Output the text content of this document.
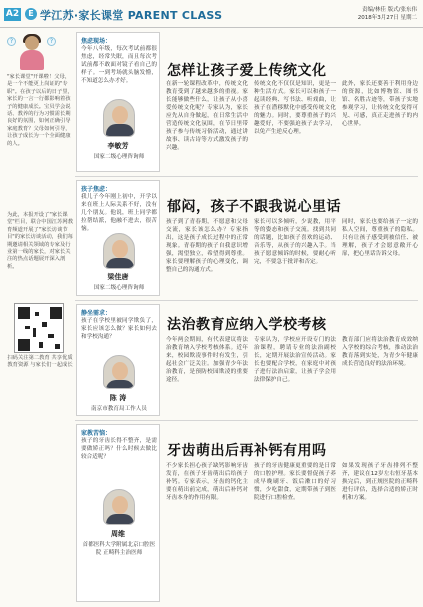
A2	E 学江苏·家长课堂 PARENT CLASS	责编/林佳 版式/张东伟
2018年3月27日 星期二
?	?
"家长课堂"开课啦！父母，是一个不能更上岗证的"专职"。在孩子以后的日子里，家长的一言一行都影响着孩子的健康成长。宝贝学会说话、教养的行为习惯需长期良好的氛围，如何正确引导家庭教育？父母如何引导，让孩子成长为一个全面健康的人。
为此，本报开设了"家长课堂"栏目，联合中国江苏网教育频道开展了"家长访谈节目"的家长访谈活动，我们每期邀请相关领域的专家及行业第一线的家长，对家长关注的热点话题展开深入剖析。
扫码关注第二教育 共享优质教育资源 与家长们一起成长
怎样让孩子爱上传统文化
焦虑现场：
今年八年级，每次考试前都很焦虑，经常失眠，而且每次考试前都不敢面对镜子看自己的样子。一到考场就头脑发懵，不知道怎么办才好。
李敏芳
国家二级心理咨询师
在新一轮课程改革中，传统文化教育受到了越来越多的重视。家长能够做些什么，让孩子从小喜爱传统文化呢？专家认为，家长应先从自身做起，在日常生活中营造传统文化氛围，在节日里带孩子参与传统习俗活动，通过讲故事、读古诗等方式激发孩子的兴趣。
传统文化不仅仅是知识，更是一种生活方式。家长可以和孩子一起读经典、写书法、听戏曲，让孩子在潜移默化中感受传统文化的魅力。同时，要尊重孩子的兴趣爱好，不要强迫孩子去学习，以免产生逆反心理。
此外，家长还要善于利用身边的资源，比如博物馆、图书馆、名胜古迹等，带孩子实地参观学习，让传统文化变得可见、可感，真正走进孩子的内心世界。
郁闷，孩子不跟我说心里话
孩子焦虑：
我儿子今年刚上初中，开学以来在班上人际关系不好，没有几个朋友。他说，班上同学都拉帮结派，他融不进去，很苦恼。
梁佳唐
国家二级心理咨询师
孩子到了青春期，不愿意和父母交流，家长该怎么办？专家指出，这是孩子成长过程中的正常现象。青春期的孩子自我意识增强，渴望独立，希望得到尊重。家长要理解孩子的心理变化，调整自己的沟通方式。
家长可以多倾听，少说教，用平等的姿态和孩子交流。找到共同的话题，比如孩子喜欢的运动、音乐等，从孩子的兴趣入手。当孩子愿意倾诉的时候，要耐心听完，不要急于批评和否定。
同时，家长也要给孩子一定的私人空间，尊重孩子的隐私。只有让孩子感受到被信任、被理解，孩子才会愿意敞开心扉，把心里话告诉父母。
法治教育应纳入学校考核
静坐需求：
孩子在学校里被同学欺负了，家长应该怎么做？家长如何去和学校沟通？
陈 涛
南京市教育局工作人员
今年两会期间，有代表建议将法治教育纳入学校考核体系。近年来，校园欺凌事件时有发生，引起社会广泛关注。加强青少年法治教育，是预防校园欺凌的重要途径。
专家认为，学校应开设专门的法治课程，聘请专业的法治副校长，定期开展法治宣传活动。家长也要配合学校，在家庭中对孩子进行法治启蒙，让孩子学会用法律保护自己。
教育部门应将法治教育成效纳入学校的综合考核，推动法治教育落到实处，为青少年健康成长营造良好的法治环境。
牙齿萌出后再补钙有用吗
家教苦恼：
孩子的牙齿长得不整齐，是需要做矫正吗？什么时候去做比较合适呢？
周维
首都医科大学附属北京口腔医院 正畸科主治医师
不少家长担心孩子缺钙影响牙齿发育，在孩子牙齿萌出后给孩子补钙。专家表示，牙齿的钙化主要在萌出前完成，萌出后补钙对牙齿本身的作用有限。
孩子的牙齿健康更重要的是日常的口腔护理。家长要督促孩子养成早晚刷牙、饭后漱口的好习惯，少吃甜食，定期带孩子到医院进行口腔检查。
如果发现孩子牙齿排列不整齐，建议在12岁左右恒牙基本换完后，到正规医院的正畸科进行评估，选择合适的矫正时机和方案。
